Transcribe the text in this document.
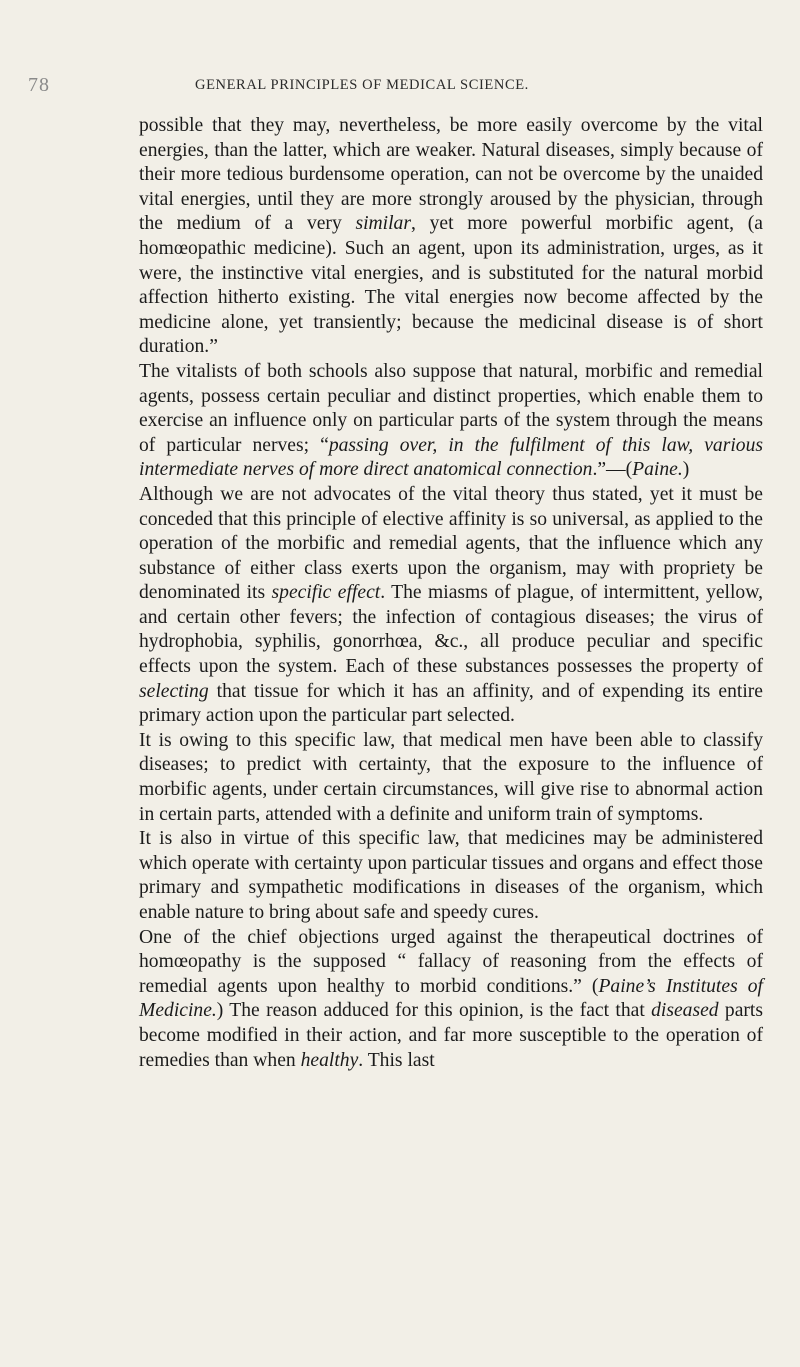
78	GENERAL PRINCIPLES OF MEDICAL SCIENCE.

possible that they may, nevertheless, be more easily overcome by the vital energies, than the latter, which are weaker. Natural diseases, simply because of their more tedious burdensome operation, can not be overcome by the unaided vital energies, until they are more strongly aroused by the physician, through the medium of a very similar, yet more powerful morbific agent, (a homœopathic medicine). Such an agent, upon its administration, urges, as it were, the instinctive vital energies, and is substituted for the natural morbid affection hitherto existing. The vital energies now become affected by the medicine alone, yet transiently; because the medicinal disease is of short duration.”

The vitalists of both schools also suppose that natural, morbific and remedial agents, possess certain peculiar and distinct properties, which enable them to exercise an influence only on particular parts of the system through the means of particular nerves; “passing over, in the fulfilment of this law, various intermediate nerves of more direct anatomical connection.”—(Paine.)

Although we are not advocates of the vital theory thus stated, yet it must be conceded that this principle of elective affinity is so universal, as applied to the operation of the morbific and remedial agents, that the influence which any substance of either class exerts upon the organism, may with propriety be denominated its specific effect. The miasms of plague, of intermittent, yellow, and certain other fevers; the infection of contagious diseases; the virus of hydrophobia, syphilis, gonorrhœa, &c., all produce peculiar and specific effects upon the system. Each of these substances possesses the property of selecting that tissue for which it has an affinity, and of expending its entire primary action upon the particular part selected.

It is owing to this specific law, that medical men have been able to classify diseases; to predict with certainty, that the exposure to the influence of morbific agents, under certain circumstances, will give rise to abnormal action in certain parts, attended with a definite and uniform train of symptoms.

It is also in virtue of this specific law, that medicines may be administered which operate with certainty upon particular tissues and organs and effect those primary and sympathetic modifications in diseases of the organism, which enable nature to bring about safe and speedy cures.

One of the chief objections urged against the therapeutical doctrines of homœopathy is the supposed “ fallacy of reasoning from the effects of remedial agents upon healthy to morbid conditions.” (Paine’s Institutes of Medicine.) The reason adduced for this opinion, is the fact that diseased parts become modified in their action, and far more susceptible to the operation of remedies than when healthy. This last
